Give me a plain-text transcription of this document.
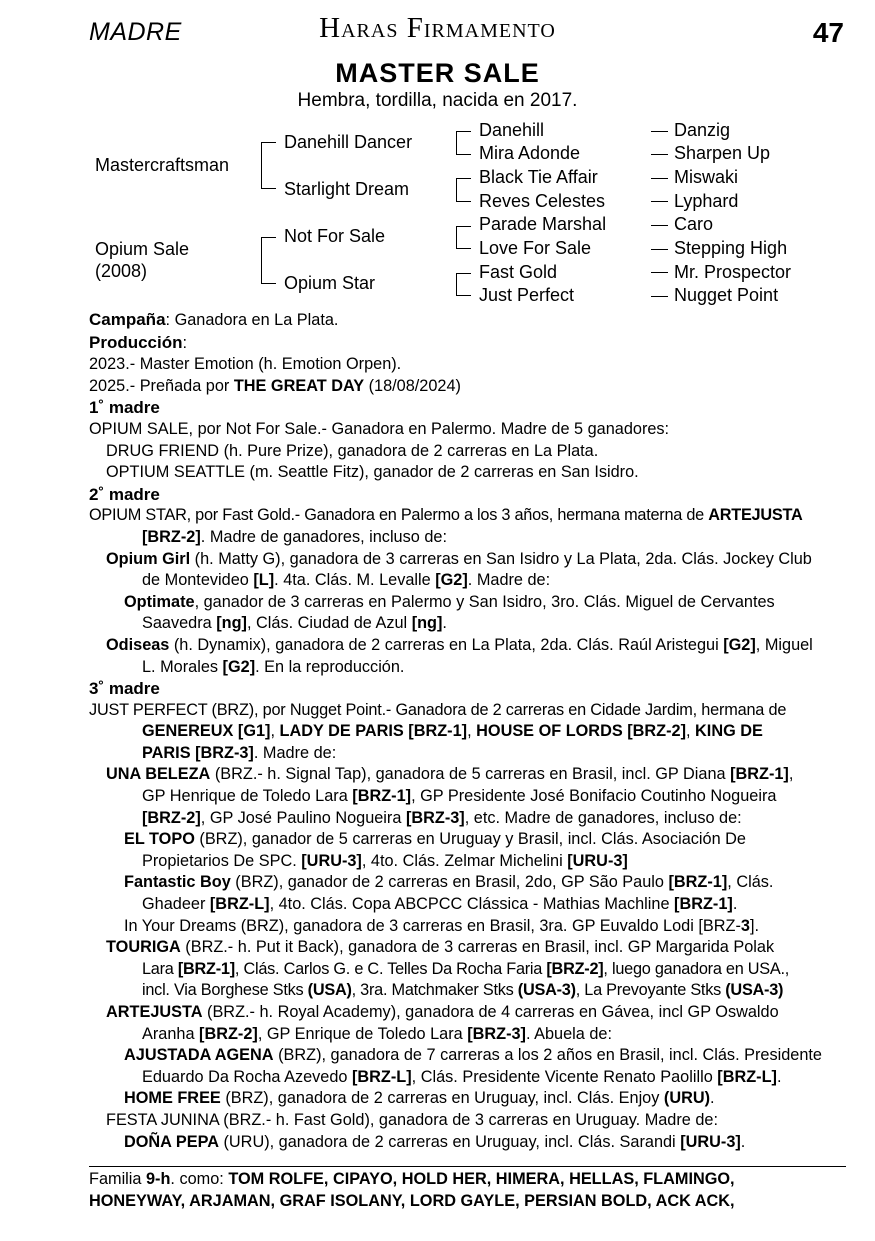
MADRE	Haras Firmamento	47
MASTER SALE
Hembra, tordilla, nacida en 2017.
Mastercraftsman
Opium Sale
(2008)
Danehill Dancer
Starlight Dream
Not For Sale
Opium Star
Danehill
Mira Adonde
Black Tie Affair
Reves Celestes
Parade Marshal
Love For Sale
Fast Gold
Just Perfect
Danzig
Sharpen Up
Miswaki
Lyphard
Caro
Stepping High
Mr. Prospector
Nugget Point
Campaña: Ganadora en La Plata.
Producción:
2023.- Master Emotion (h. Emotion Orpen).
2025.- Preñada por THE GREAT DAY (18/08/2024)
1˚ madre
OPIUM SALE, por Not For Sale.- Ganadora en Palermo. Madre de 5 ganadores:
DRUG FRIEND (h. Pure Prize), ganadora de 2 carreras en La Plata.
OPTIUM SEATTLE (m. Seattle Fitz), ganador de 2 carreras en San Isidro.
2˚ madre
OPIUM STAR, por Fast Gold.- Ganadora en Palermo a los 3 años, hermana materna de ARTEJUSTA
[BRZ-2]. Madre de ganadores, incluso de:
Opium Girl (h. Matty G), ganadora de 3 carreras en San Isidro y La Plata, 2da. Clás. Jockey Club
de Montevideo [L]. 4ta. Clás. M. Levalle [G2]. Madre de:
Optimate, ganador de 3 carreras en Palermo y San Isidro, 3ro. Clás. Miguel de Cervantes
Saavedra [ng], Clás. Ciudad de Azul [ng].
Odiseas (h. Dynamix), ganadora de 2 carreras en La Plata, 2da. Clás. Raúl Aristegui [G2], Miguel
L. Morales [G2]. En la reproducción.
3˚ madre
JUST PERFECT (BRZ), por Nugget Point.- Ganadora de 2 carreras en Cidade Jardim, hermana de
GENEREUX [G1], LADY DE PARIS [BRZ-1], HOUSE OF LORDS [BRZ-2], KING DE
PARIS [BRZ-3]. Madre de:
UNA BELEZA (BRZ.- h. Signal Tap), ganadora de 5 carreras en Brasil, incl. GP Diana [BRZ-1],
GP Henrique de Toledo Lara [BRZ-1], GP Presidente José Bonifacio Coutinho Nogueira
[BRZ-2], GP José Paulino Nogueira [BRZ-3], etc. Madre de ganadores, incluso de:
EL TOPO (BRZ), ganador de 5 carreras en Uruguay y Brasil, incl. Clás. Asociación De
Propietarios De SPC. [URU-3], 4to. Clás. Zelmar Michelini [URU-3]
Fantastic Boy (BRZ), ganador de 2 carreras en Brasil, 2do, GP São Paulo [BRZ-1], Clás.
Ghadeer [BRZ-L], 4to. Clás. Copa ABCPCC Clássica - Mathias Machline [BRZ-1].
In Your Dreams (BRZ), ganadora de 3 carreras en Brasil, 3ra. GP Euvaldo Lodi [BRZ-3].
TOURIGA (BRZ.- h. Put it Back), ganadora de 3 carreras en Brasil, incl. GP Margarida Polak
Lara [BRZ-1], Clás. Carlos G. e C. Telles Da Rocha Faria [BRZ-2], luego ganadora en USA.,
incl. Via Borghese Stks (USA), 3ra. Matchmaker Stks (USA-3), La Prevoyante Stks (USA-3)
ARTEJUSTA (BRZ.- h. Royal Academy), ganadora de 4 carreras en Gávea, incl GP Oswaldo
Aranha [BRZ-2], GP Enrique de Toledo Lara [BRZ-3]. Abuela de:
AJUSTADA AGENA (BRZ), ganadora de 7 carreras a los 2 años en Brasil, incl. Clás. Presidente
Eduardo Da Rocha Azevedo [BRZ-L], Clás. Presidente Vicente Renato Paolillo [BRZ-L].
HOME FREE (BRZ), ganadora de 2 carreras en Uruguay, incl. Clás. Enjoy (URU).
FESTA JUNINA (BRZ.- h. Fast Gold), ganadora de 3 carreras en Uruguay. Madre de:
DOÑA PEPA (URU), ganadora de 2 carreras en Uruguay, incl. Clás. Sarandi [URU-3].
Familia 9-h. como: TOM ROLFE, CIPAYO, HOLD HER, HIMERA, HELLAS, FLAMINGO,
HONEYWAY, ARJAMAN, GRAF ISOLANY, LORD GAYLE, PERSIAN BOLD, ACK ACK,
